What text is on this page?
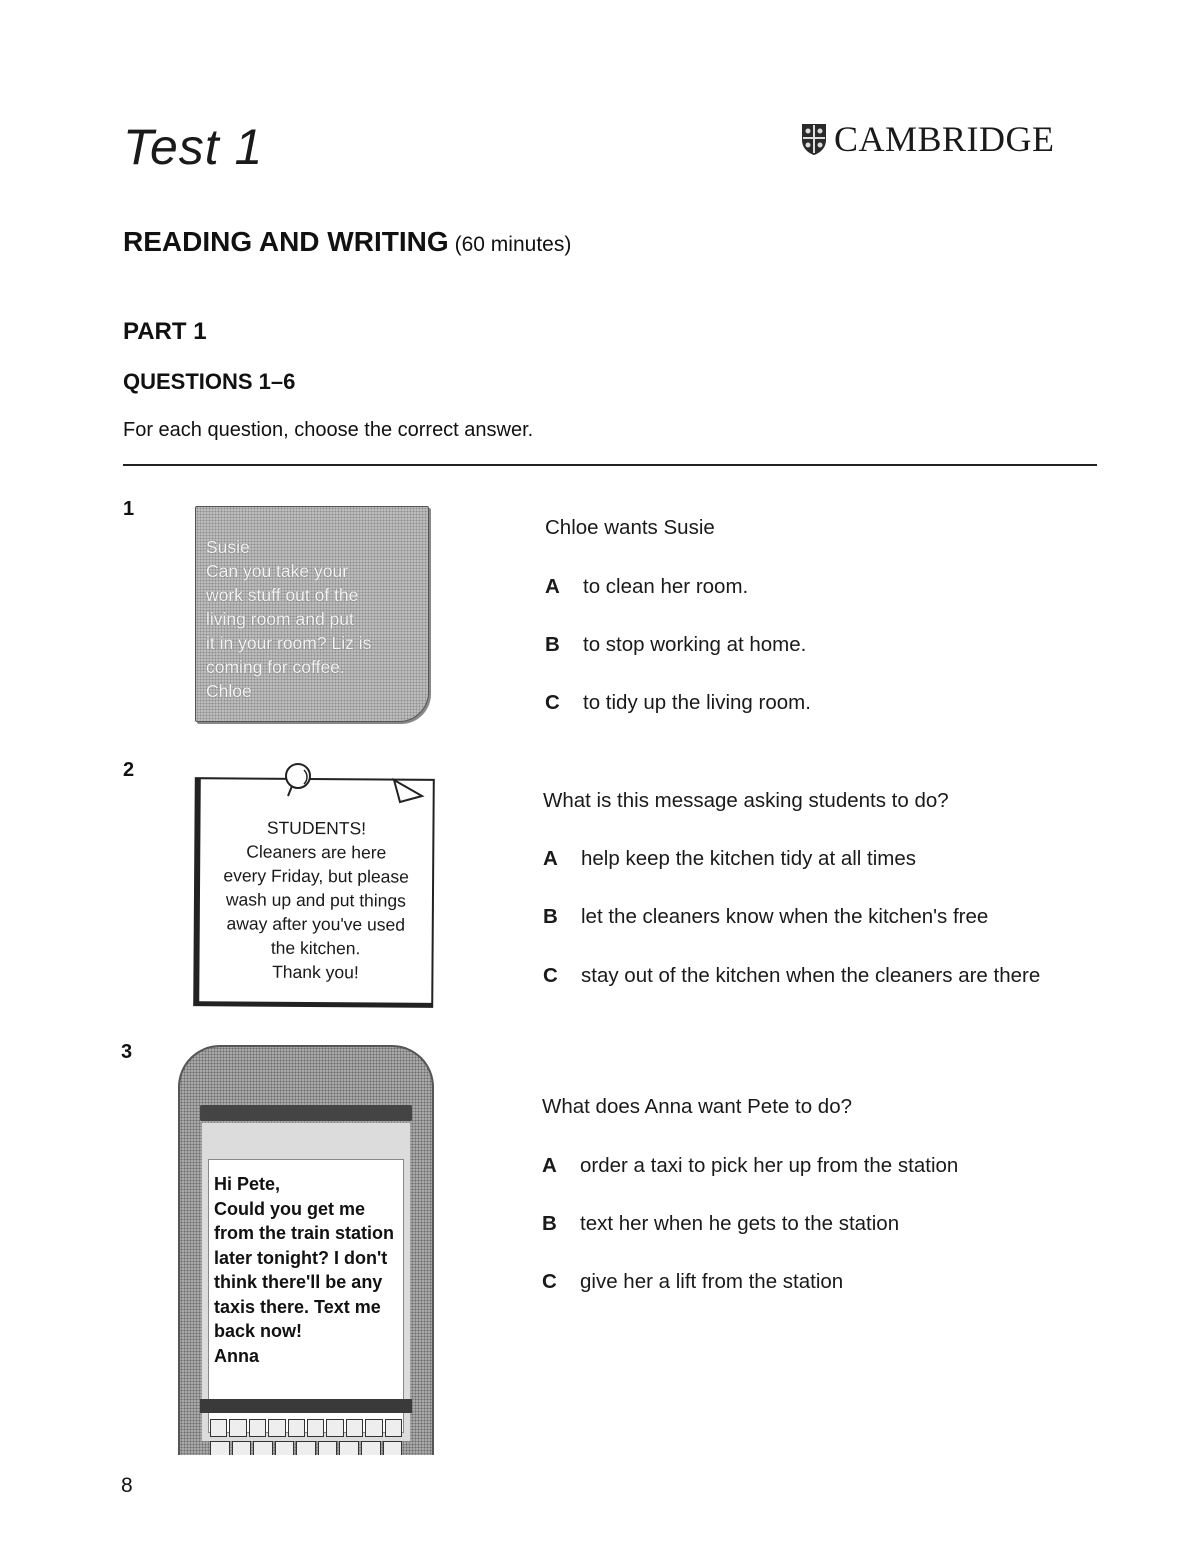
Test 1	CAMBRIDGE
READING AND WRITING (60 minutes)
PART 1
QUESTIONS 1–6
For each question, choose the correct answer.
1
Susie
Can you take your
work stuff out of the
living room and put
it in your room? Liz is
coming for coffee.
Chloe
Chloe wants Susie
A	to clean her room.
B	to stop working at home.
C	to tidy up the living room.
2
STUDENTS!
Cleaners are here
every Friday, but please
wash up and put things
away after you've used
the kitchen.
Thank you!
What is this message asking students to do?
A	help keep the kitchen tidy at all times
B	let the cleaners know when the kitchen's free
C	stay out of the kitchen when the cleaners are there
3
Hi Pete,
Could you get me
from the train station
later tonight? I don't
think there'll be any
taxis there. Text me
back now!
Anna
What does Anna want Pete to do?
A	order a taxi to pick her up from the station
B	text her when he gets to the station
C	give her a lift from the station
8
